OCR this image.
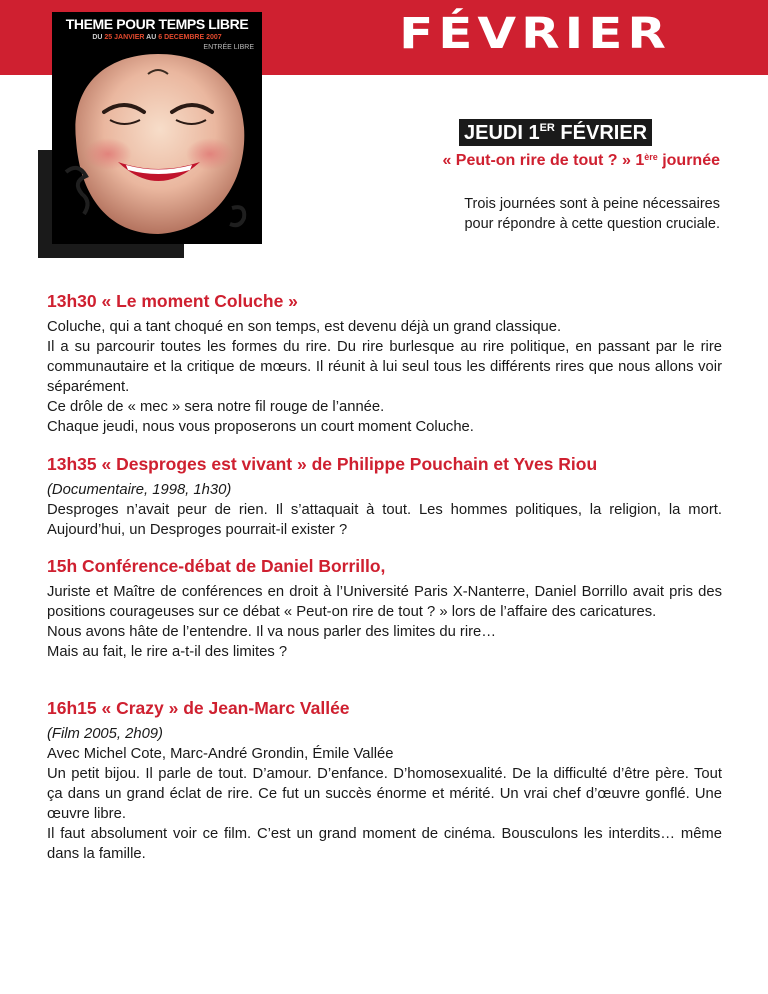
FÉVRIER
THEME POUR TEMPS LIBRE
DU 25 JANVIER AU 6 DECEMBRE 2007
ENTRÉE LIBRE
JEUDI 1ER FÉVRIER
« Peut-on rire de tout ? » 1ère journée
Trois journées sont à peine nécessaires
pour répondre à cette question cruciale.
13h30 « Le moment Coluche »

Coluche, qui a tant choqué en son temps, est devenu déjà un grand classique.

Il a su parcourir toutes les formes du rire. Du rire burlesque au rire politique, en passant par le rire communautaire et la critique de mœurs. Il réunit à lui seul tous les différents rires que nous allons voir séparément.

Ce drôle de « mec » sera notre fil rouge de l’année.

Chaque jeudi, nous vous proposerons un court moment Coluche.

13h35 « Desproges est vivant » de Philippe Pouchain et Yves Riou

(Documentaire, 1998, 1h30)

Desproges n’avait peur de rien. Il s’attaquait à tout. Les hommes politiques, la religion, la mort. Aujourd’hui, un Desproges pourrait-il exister ?

15h Conférence-débat de Daniel Borrillo,

Juriste et Maître de conférences en droit à l’Université Paris X-Nanterre, Daniel Borrillo avait pris des positions courageuses sur ce débat « Peut-on rire de tout ? » lors de l’affaire des caricatures.

Nous avons hâte de l’entendre. Il va nous parler des limites du rire…

Mais au fait, le rire a-t-il des limites ?

16h15 « Crazy » de Jean-Marc Vallée

(Film 2005, 2h09)

Avec Michel Cote, Marc-André Grondin, Émile Vallée

Un petit bijou. Il parle de tout. D’amour. D’enfance. D’homosexualité. De la difficulté d’être père. Tout ça dans un grand éclat de rire. Ce fut un succès énorme et mérité. Un vrai chef d’œuvre gonflé. Une œuvre libre.

Il faut absolument voir ce film. C’est un grand moment de cinéma. Bousculons les interdits… même dans la famille.
